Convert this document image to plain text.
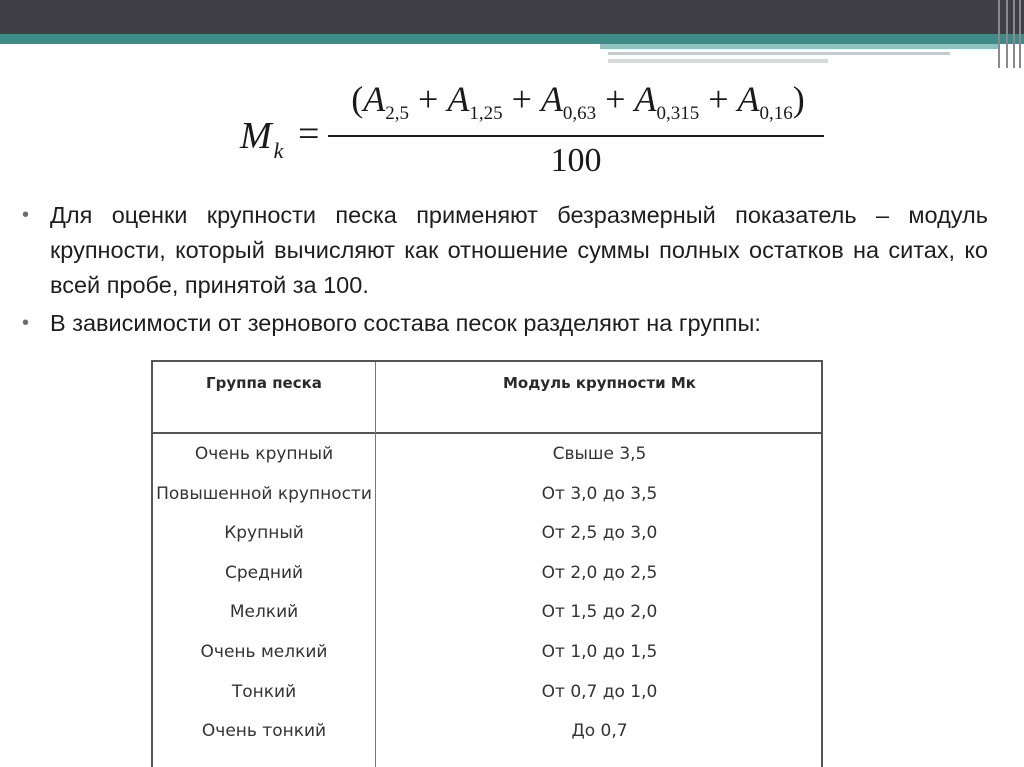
$M_k$ =
$(A_{2,5} + A_{1,25} + A_{0,63} + A_{0,315} + A_{0,16})$
100
• Для оценки крупности песка применяют безразмерный показатель – модуль крупности, который вычисляют как отношение суммы полных остатков на ситах, ко всей пробе, принятой за 100.
• В зависимости от зернового состава песок разделяют на группы:
Группа песка	Модуль крупности Мк
Очень крупный	Свыше 3,5
Повышенной крупности	От 3,0 до 3,5
Крупный	От 2,5 до 3,0
Средний	От 2,0 до 2,5
Мелкий	От 1,5 до 2,0
Очень мелкий	От 1,0 до 1,5
Тонкий	От 0,7 до 1,0
Очень тонкий	До 0,7
